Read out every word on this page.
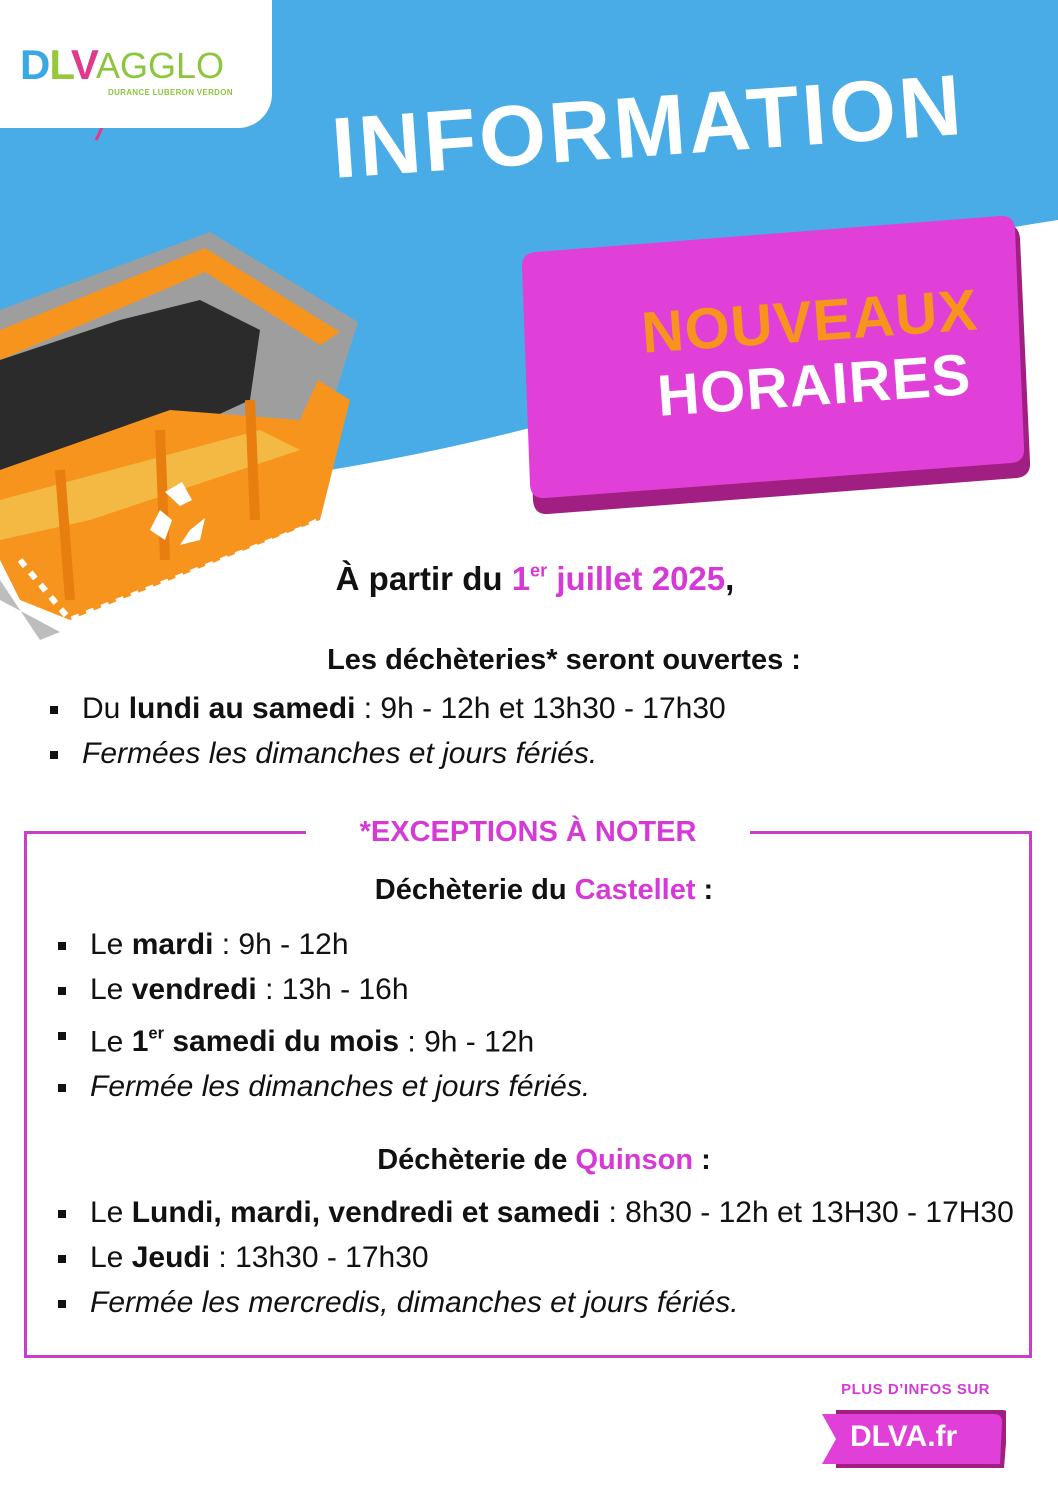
DLV
AGGLO
DURANCE LUBERON VERDON INFORMATION
NOUVEAUX
HORAIRES
À partir du 1er juillet 2025,
Les déchèteries* seront ouvertes :
Du lundi au samedi : 9h - 12h et 13h30 - 17h30
Fermées les dimanches et jours fériés.
*EXCEPTIONS À NOTER
Déchèterie du Castellet :
Le mardi : 9h - 12h
Le vendredi : 13h - 16h
Le 1er samedi du mois : 9h - 12h
Fermée les dimanches et jours fériés.
Déchèterie de Quinson :
Le Lundi, mardi, vendredi et samedi : 8h30 - 12h et 13H30 - 17H30
Le Jeudi : 13h30 - 17h30
Fermée les mercredis, dimanches et jours fériés.
PLUS D’INFOS SUR
DLVA.fr
